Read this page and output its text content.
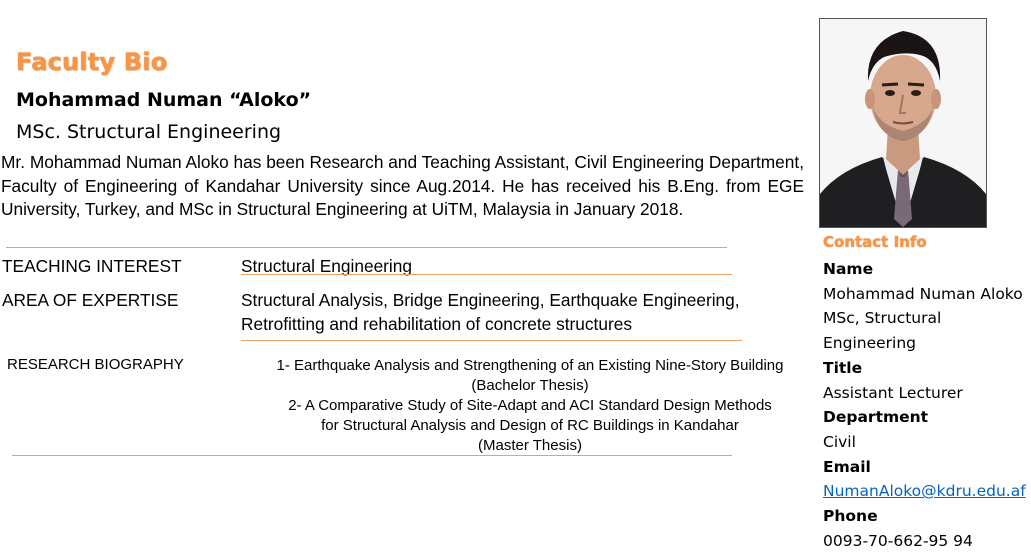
Faculty Bio
Mohammad Numan “Aloko”
MSc. Structural Engineering
Mr. Mohammad Numan Aloko has been Research and Teaching Assistant, Civil Engineering Department, Faculty of Engineering of Kandahar University since Aug.2014. He has received his B.Eng. from EGE University, Turkey, and MSc in Structural Engineering at UiTM, Malaysia in January 2018.
TEACHING INTEREST	Structural Engineering
AREA OF EXPERTISE	Structural Analysis, Bridge Engineering, Earthquake Engineering,
Retrofitting and rehabilitation of concrete structures
RESEARCH BIOGRAPHY	1- Earthquake Analysis and Strengthening of an Existing Nine-Story Building
(Bachelor Thesis)
2- A Comparative Study of Site-Adapt and ACI Standard Design Methods
for Structural Analysis and Design of RC Buildings in Kandahar
(Master Thesis)
Contact Info
Name
Mohammad Numan Aloko
MSc, Structural
Engineering
Title
Assistant Lecturer
Department
Civil
Email
NumanAloko@kdru.edu.af
Phone
0093-70-662-95 94
